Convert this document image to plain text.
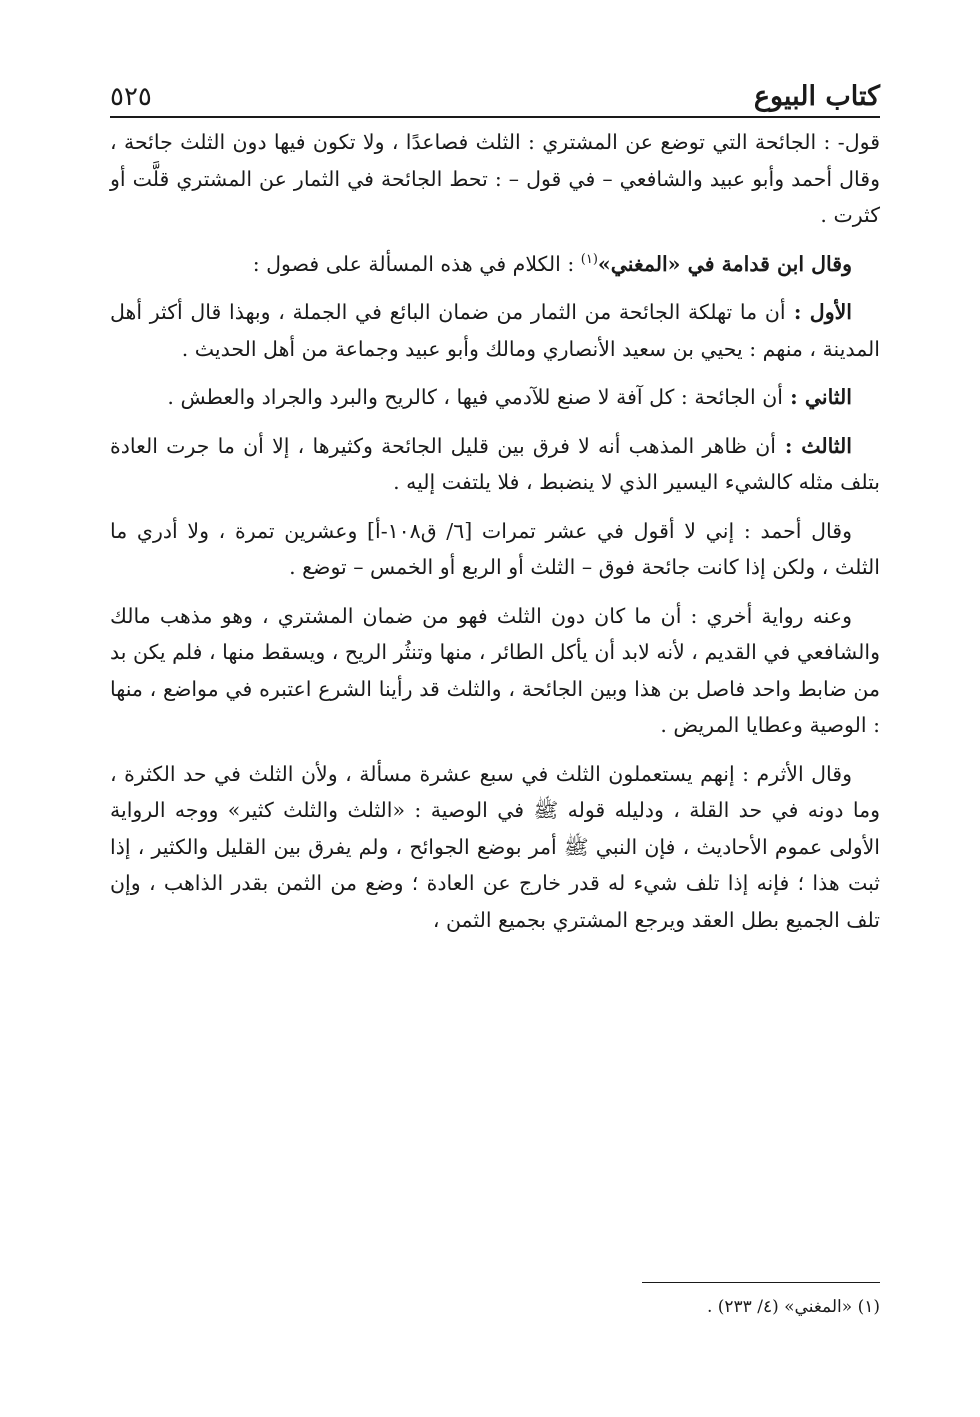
كتاب البيوع
٥٢٥

قول- : الجائحة التي توضع عن المشتري : الثلث فصاعدًا ، ولا تكون فيها دون الثلث جائحة ، وقال أحمد وأبو عبيد والشافعي – في قول – : تحط الجائحة في الثمار عن المشتري قلَّت أو كثرت .

وقال ابن قدامة في «المغني»$^{(١)}$ : الكلام في هذه المسألة على فصول :

الأول : أن ما تهلكة الجائحة من الثمار من ضمان البائع في الجملة ، وبهذا قال أكثر أهل المدينة ، منهم : يحيي بن سعيد الأنصاري ومالك وأبو عبيد وجماعة من أهل الحديث .

الثاني : أن الجائحة : كل آفة لا صنع للآدمي فيها ، كالريح والبرد والجراد والعطش .

الثالث : أن ظاهر المذهب أنه لا فرق بين قليل الجائحة وكثيرها ، إلا أن ما جرت العادة بتلف مثله كالشيء اليسير الذي لا ينضبط ، فلا يلتفت إليه .

وقال أحمد : إني لا أقول في عشر تمرات [٦/ ق١٠٨-أ] وعشرين تمرة ، ولا أدري ما الثلث ، ولكن إذا كانت جائحة فوق – الثلث أو الربع أو الخمس – توضع .

وعنه رواية أخري : أن ما كان دون الثلث فهو من ضمان المشتري ، وهو مذهب مالك والشافعي في القديم ، لأنه لابد أن يأكل الطائر ، منها وتنثُر الريح ، ويسقط منها ، فلم يكن بد من ضابط واحد فاصل بن هذا وبين الجائحة ، والثلث قد رأينا الشرع اعتبره في مواضع ، منها : الوصية وعطايا المريض .

وقال الأثرم : إنهم يستعملون الثلث في سبع عشرة مسألة ، ولأن الثلث في حد الكثرة ، وما دونه في حد القلة ، ودليله قوله ﷺ في الوصية : «الثلث والثلث كثير» ووجه الرواية الأولى عموم الأحاديث ، فإن النبي ﷺ أمر بوضع الجوائح ، ولم يفرق بين القليل والكثير ، إذا ثبت هذا ؛ فإنه إذا تلف شيء له قدر خارج عن العادة ؛ وضع من الثمن بقدر الذاهب ، وإن تلف الجميع بطل العقد ويرجع المشتري بجميع الثمن ،

(١) «المغني» (٤/ ٢٣٣) .
